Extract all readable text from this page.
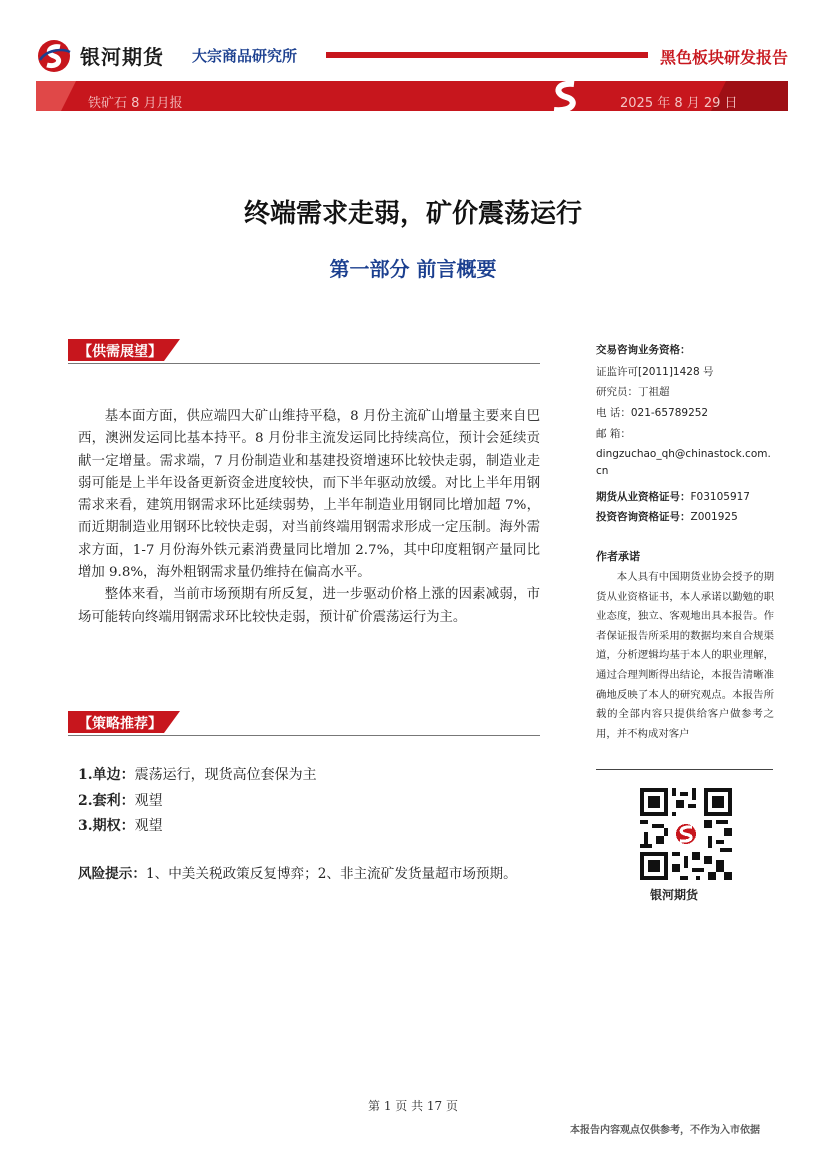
银河期货 大宗商品研究所	黑色板块研发报告
铁矿石 8 月月报	2025 年 8 月 29 日
终端需求走弱，矿价震荡运行
第一部分 前言概要
【供需展望】

基本面方面，供应端四大矿山维持平稳，8 月份主流矿山增量主要来自巴西，澳洲发运同比基本持平。8 月份非主流发运同比持续高位，预计会延续贡献一定增量。需求端，7 月份制造业和基建投资增速环比较快走弱，制造业走弱可能是上半年设备更新资金进度较快，而下半年驱动放缓。对比上半年用钢需求来看，建筑用钢需求环比延续弱势，上半年制造业用钢同比增加超 7%，而近期制造业用钢环比较快走弱，对当前终端用钢需求形成一定压制。海外需求方面，1-7 月份海外铁元素消费量同比增加 2.7%，其中印度粗钢产量同比增加 9.8%，海外粗钢需求量仍维持在偏高水平。

整体来看，当前市场预期有所反复，进一步驱动价格上涨的因素减弱，市场可能转向终端用钢需求环比较快走弱，预计矿价震荡运行为主。

【策略推荐】
1.单边：震荡运行，现货高位套保为主
2.套利：观望
3.期权：观望
风险提示：1、中美关税政策反复博弈；2、非主流矿发货量超市场预期。
交易咨询业务资格：
证监许可[2011]1428 号
研究员：丁祖超
电 话：021-65789252
邮 箱：
dingzuchao_qh@chinastock.com.cn
期货从业资格证号：F03105917
投资咨询资格证号：Z001925
作者承诺
本人具有中国期货业协会授予的期货从业资格证书，本人承诺以勤勉的职业态度，独立、客观地出具本报告。作者保证报告所采用的数据均来自合规渠道，分析逻辑均基于本人的职业理解，通过合理判断得出结论，本报告清晰准确地反映了本人的研究观点。本报告所载的全部内容只提供给客户做参考之用，并不构成对客户
银河期货
第 1 页 共 17 页
本报告内容观点仅供参考，不作为入市依据
